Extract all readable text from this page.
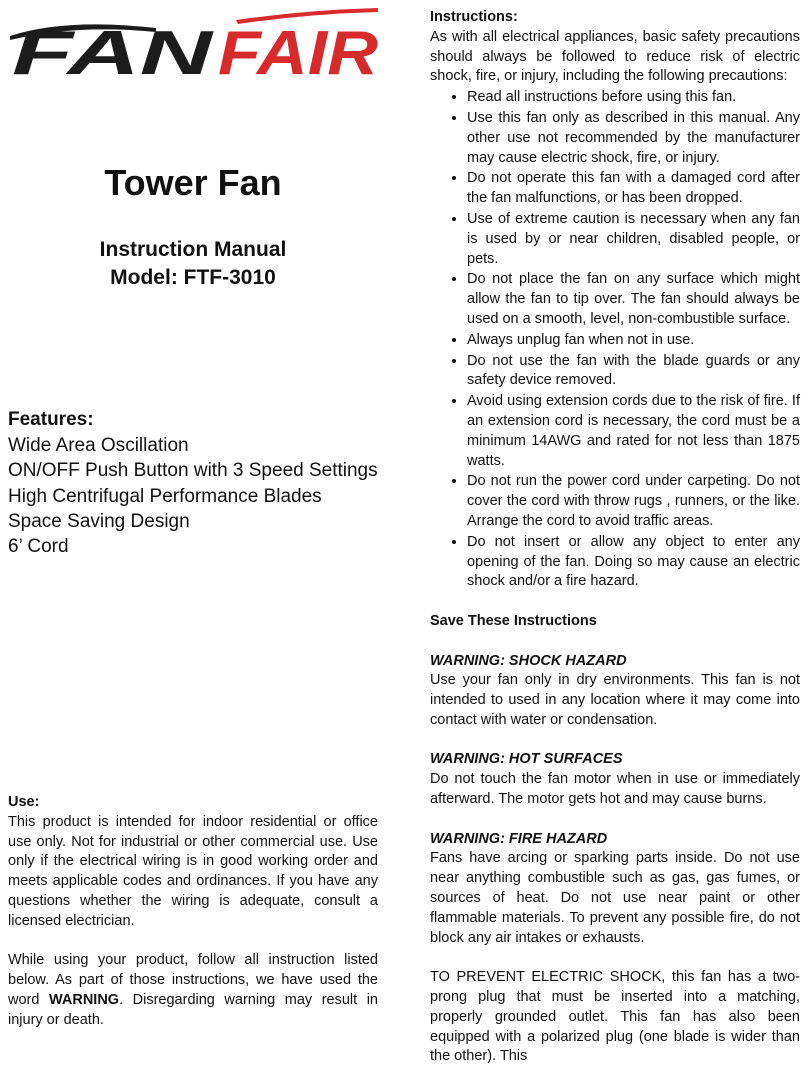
FAN FAIR
Tower Fan
Instruction Manual
Model: FTF-3010

Features:

Wide Area Oscillation
ON/OFF Push Button with 3 Speed Settings
High Centrifugal Performance Blades
Space Saving Design
6’ Cord

Use:

This product is intended for indoor residential or office use only. Not for industrial or other commercial use. Use only if the electrical wiring is in good working order and meets applicable codes and ordinances. If you have any questions whether the wiring is adequate, consult a licensed electrician.

While using your product, follow all instruction listed below. As part of those instructions, we have used the word WARNING. Disregarding warning may result in injury or death.

Instructions:

As with all electrical appliances, basic safety precautions should always be followed to reduce risk of electric shock, fire, or injury, including the following precautions:

• Read all instructions before using this fan.
• Use this fan only as described in this manual. Any other use not recommended by the manufacturer may cause electric shock, fire, or injury.
• Do not operate this fan with a damaged cord after the fan malfunctions, or has been dropped.
• Use of extreme caution is necessary when any fan is used by or near children, disabled people, or pets.
• Do not place the fan on any surface which might allow the fan to tip over. The fan should always be used on a smooth, level, non-combustible surface.
• Always unplug fan when not in use.
• Do not use the fan with the blade guards or any safety device removed.
• Avoid using extension cords due to the risk of fire. If an extension cord is necessary, the cord must be a minimum 14AWG and rated for not less than 1875 watts.
• Do not run the power cord under carpeting. Do not cover the cord with throw rugs , runners, or the like. Arrange the cord to avoid traffic areas.
• Do not insert or allow any object to enter any opening of the fan. Doing so may cause an electric shock and/or a fire hazard.

Save These Instructions

WARNING: SHOCK HAZARD

Use your fan only in dry environments. This fan is not intended to used in any location where it may come into contact with water or condensation.

WARNING: HOT SURFACES

Do not touch the fan motor when in use or immediately afterward. The motor gets hot and may cause burns.

WARNING: FIRE HAZARD

Fans have arcing or sparking parts inside. Do not use near anything combustible such as gas, gas fumes, or sources of heat. Do not use near paint or other flammable materials. To prevent any possible fire, do not block any air intakes or exhausts.

TO PREVENT ELECTRIC SHOCK, this fan has a two-prong plug that must be inserted into a matching, properly grounded outlet. This fan has also been equipped with a polarized plug (one blade is wider than the other). This
